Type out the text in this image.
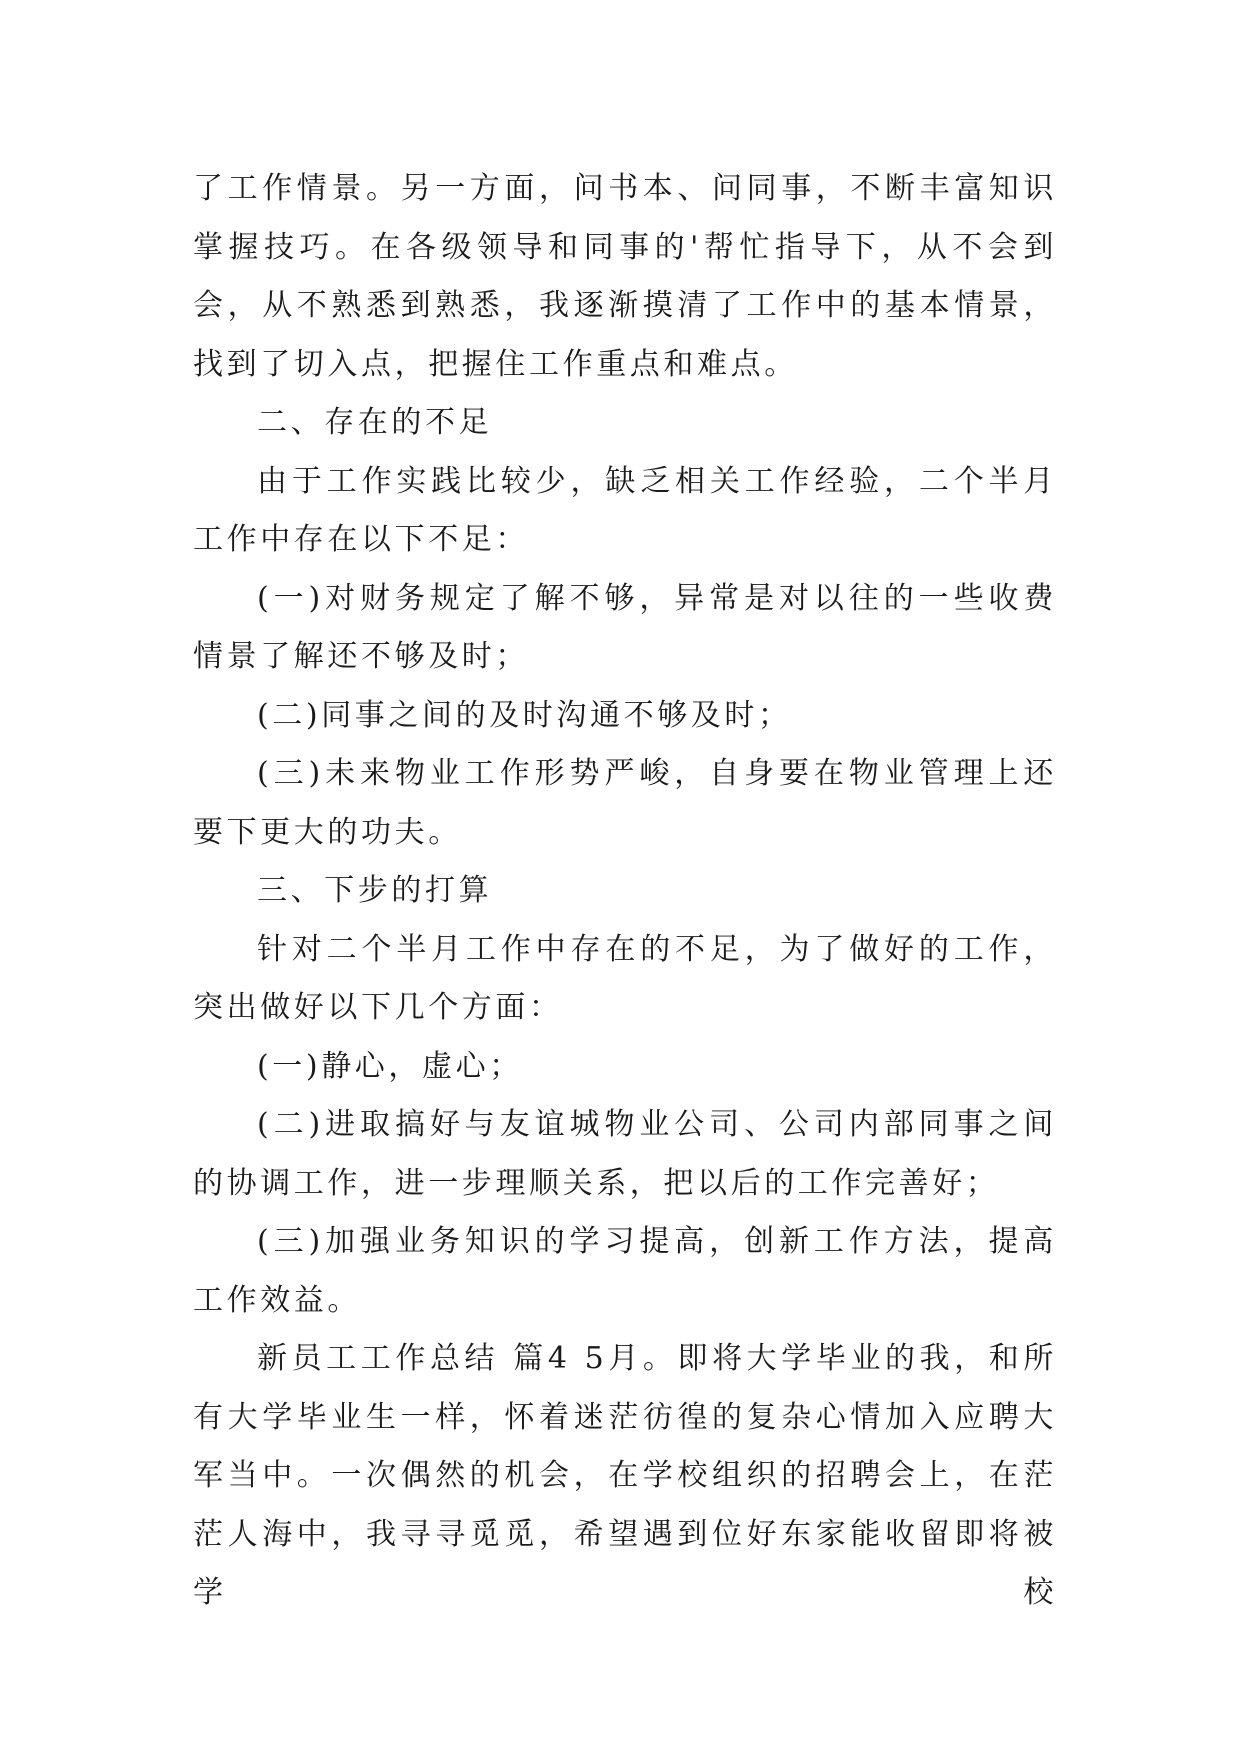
了工作情景。另一方面，问书本、问同事，不断丰富知识掌握技巧。在各级领导和同事的'帮忙指导下，从不会到会，从不熟悉到熟悉，我逐渐摸清了工作中的基本情景，找到了切入点，把握住工作重点和难点。

二、存在的不足

由于工作实践比较少，缺乏相关工作经验，二个半月工作中存在以下不足：

(一)对财务规定了解不够，异常是对以往的一些收费情景了解还不够及时；

(二)同事之间的及时沟通不够及时；

(三)未来物业工作形势严峻，自身要在物业管理上还要下更大的功夫。

三、下步的打算

针对二个半月工作中存在的不足，为了做好的工作，突出做好以下几个方面：

(一)静心，虚心；

(二)进取搞好与友谊城物业公司、公司内部同事之间的协调工作，进一步理顺关系，把以后的工作完善好；

(三)加强业务知识的学习提高，创新工作方法，提高工作效益。

新员工工作总结 篇4 5月。即将大学毕业的我，和所有大学毕业生一样，怀着迷茫彷徨的复杂心情加入应聘大军当中。一次偶然的机会，在学校组织的招聘会上，在茫茫人海中，我寻寻觅觅，希望遇到位好东家能收留即将被学校
